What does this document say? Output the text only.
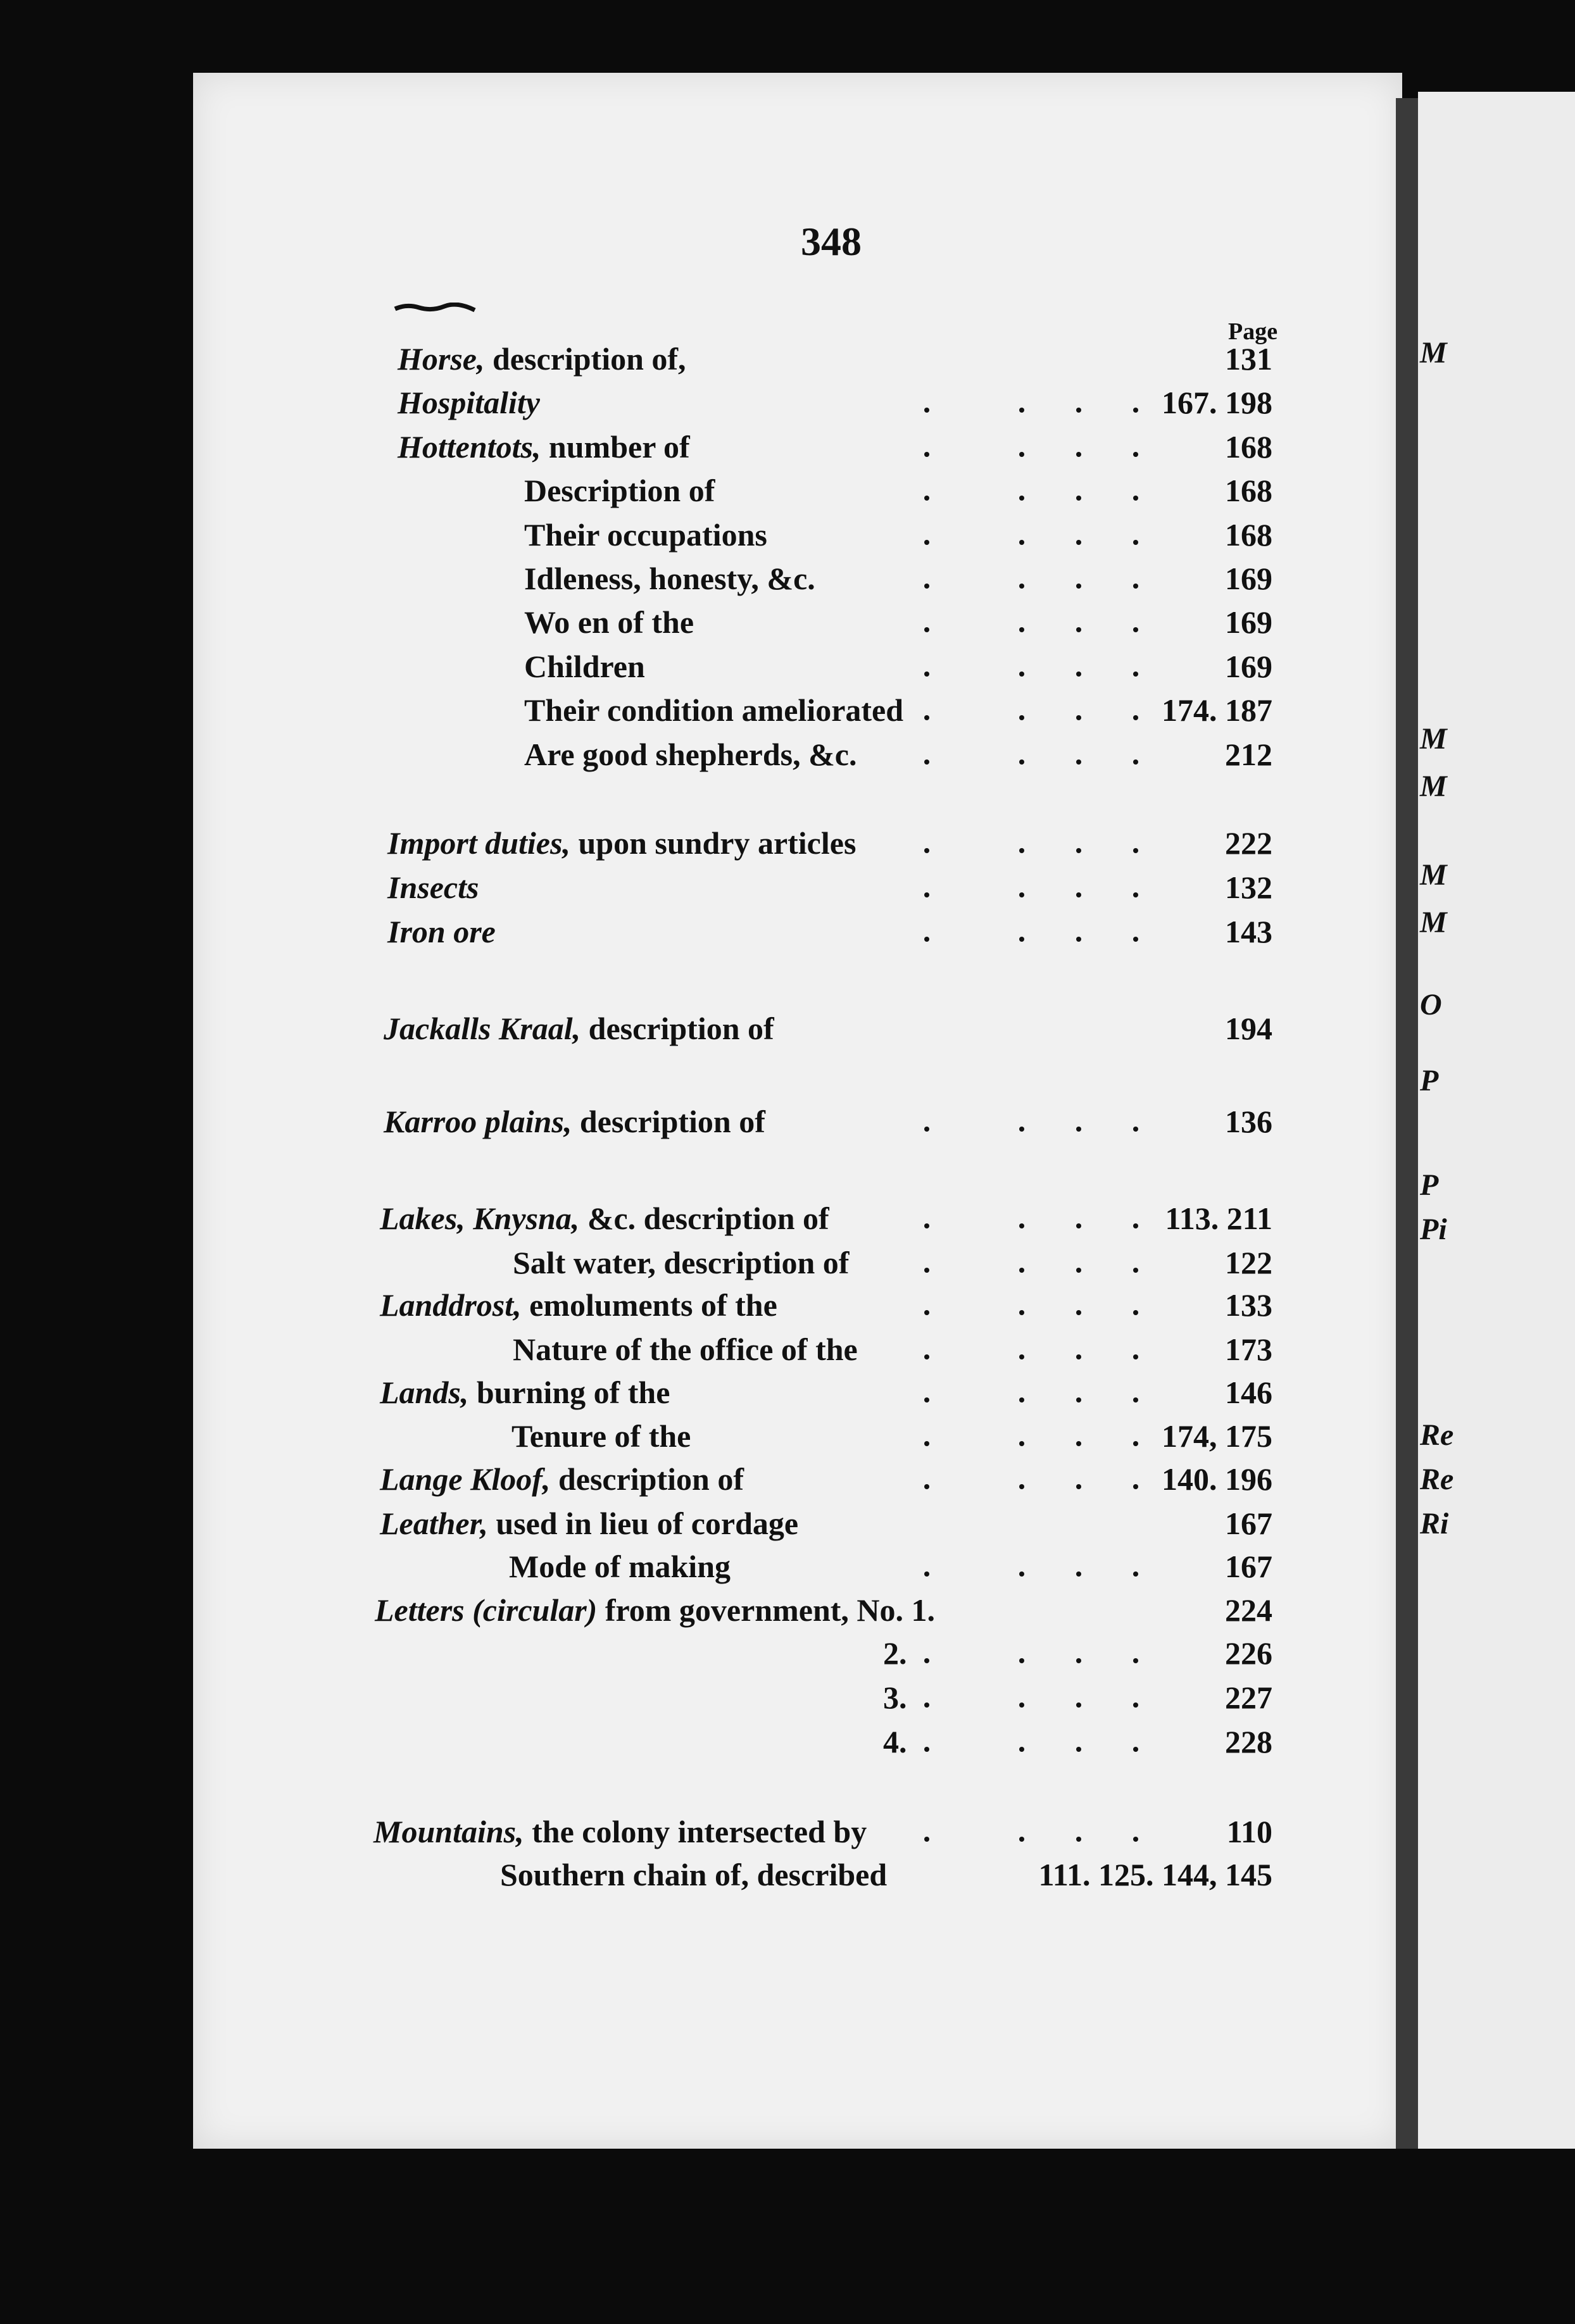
348
Page
Horse, description of,	131
Hospitality	167. 198
Hottentots, number of	168
Description of	168
Their occupations	168
Idleness, honesty, &c.	169
Wo en of the	169
Children	169
Their condition ameliorated	174. 187
Are good shepherds, &c.	212
Import duties, upon sundry articles	222
Insects	132
Iron ore	143
Jackalls Kraal, description of	194
Karroo plains, description of	136
Lakes, Knysna, &c. description of	113. 211
Salt water, description of	122
Landdrost, emoluments of the	133
Nature of the office of the	173
Lands, burning of the	146
Tenure of the	174, 175
Lange Kloof, description of	140. 196
Leather, used in lieu of cordage	167
Mode of making	167
Letters (circular) from government, No. 1.	224
2.	226
3.	227
4.	228
Mountains, the colony intersected by	110
Southern chain of, described	111. 125. 144, 145
M
M
M
M
M
O
P
P
Pi
Re
Re
Ri
